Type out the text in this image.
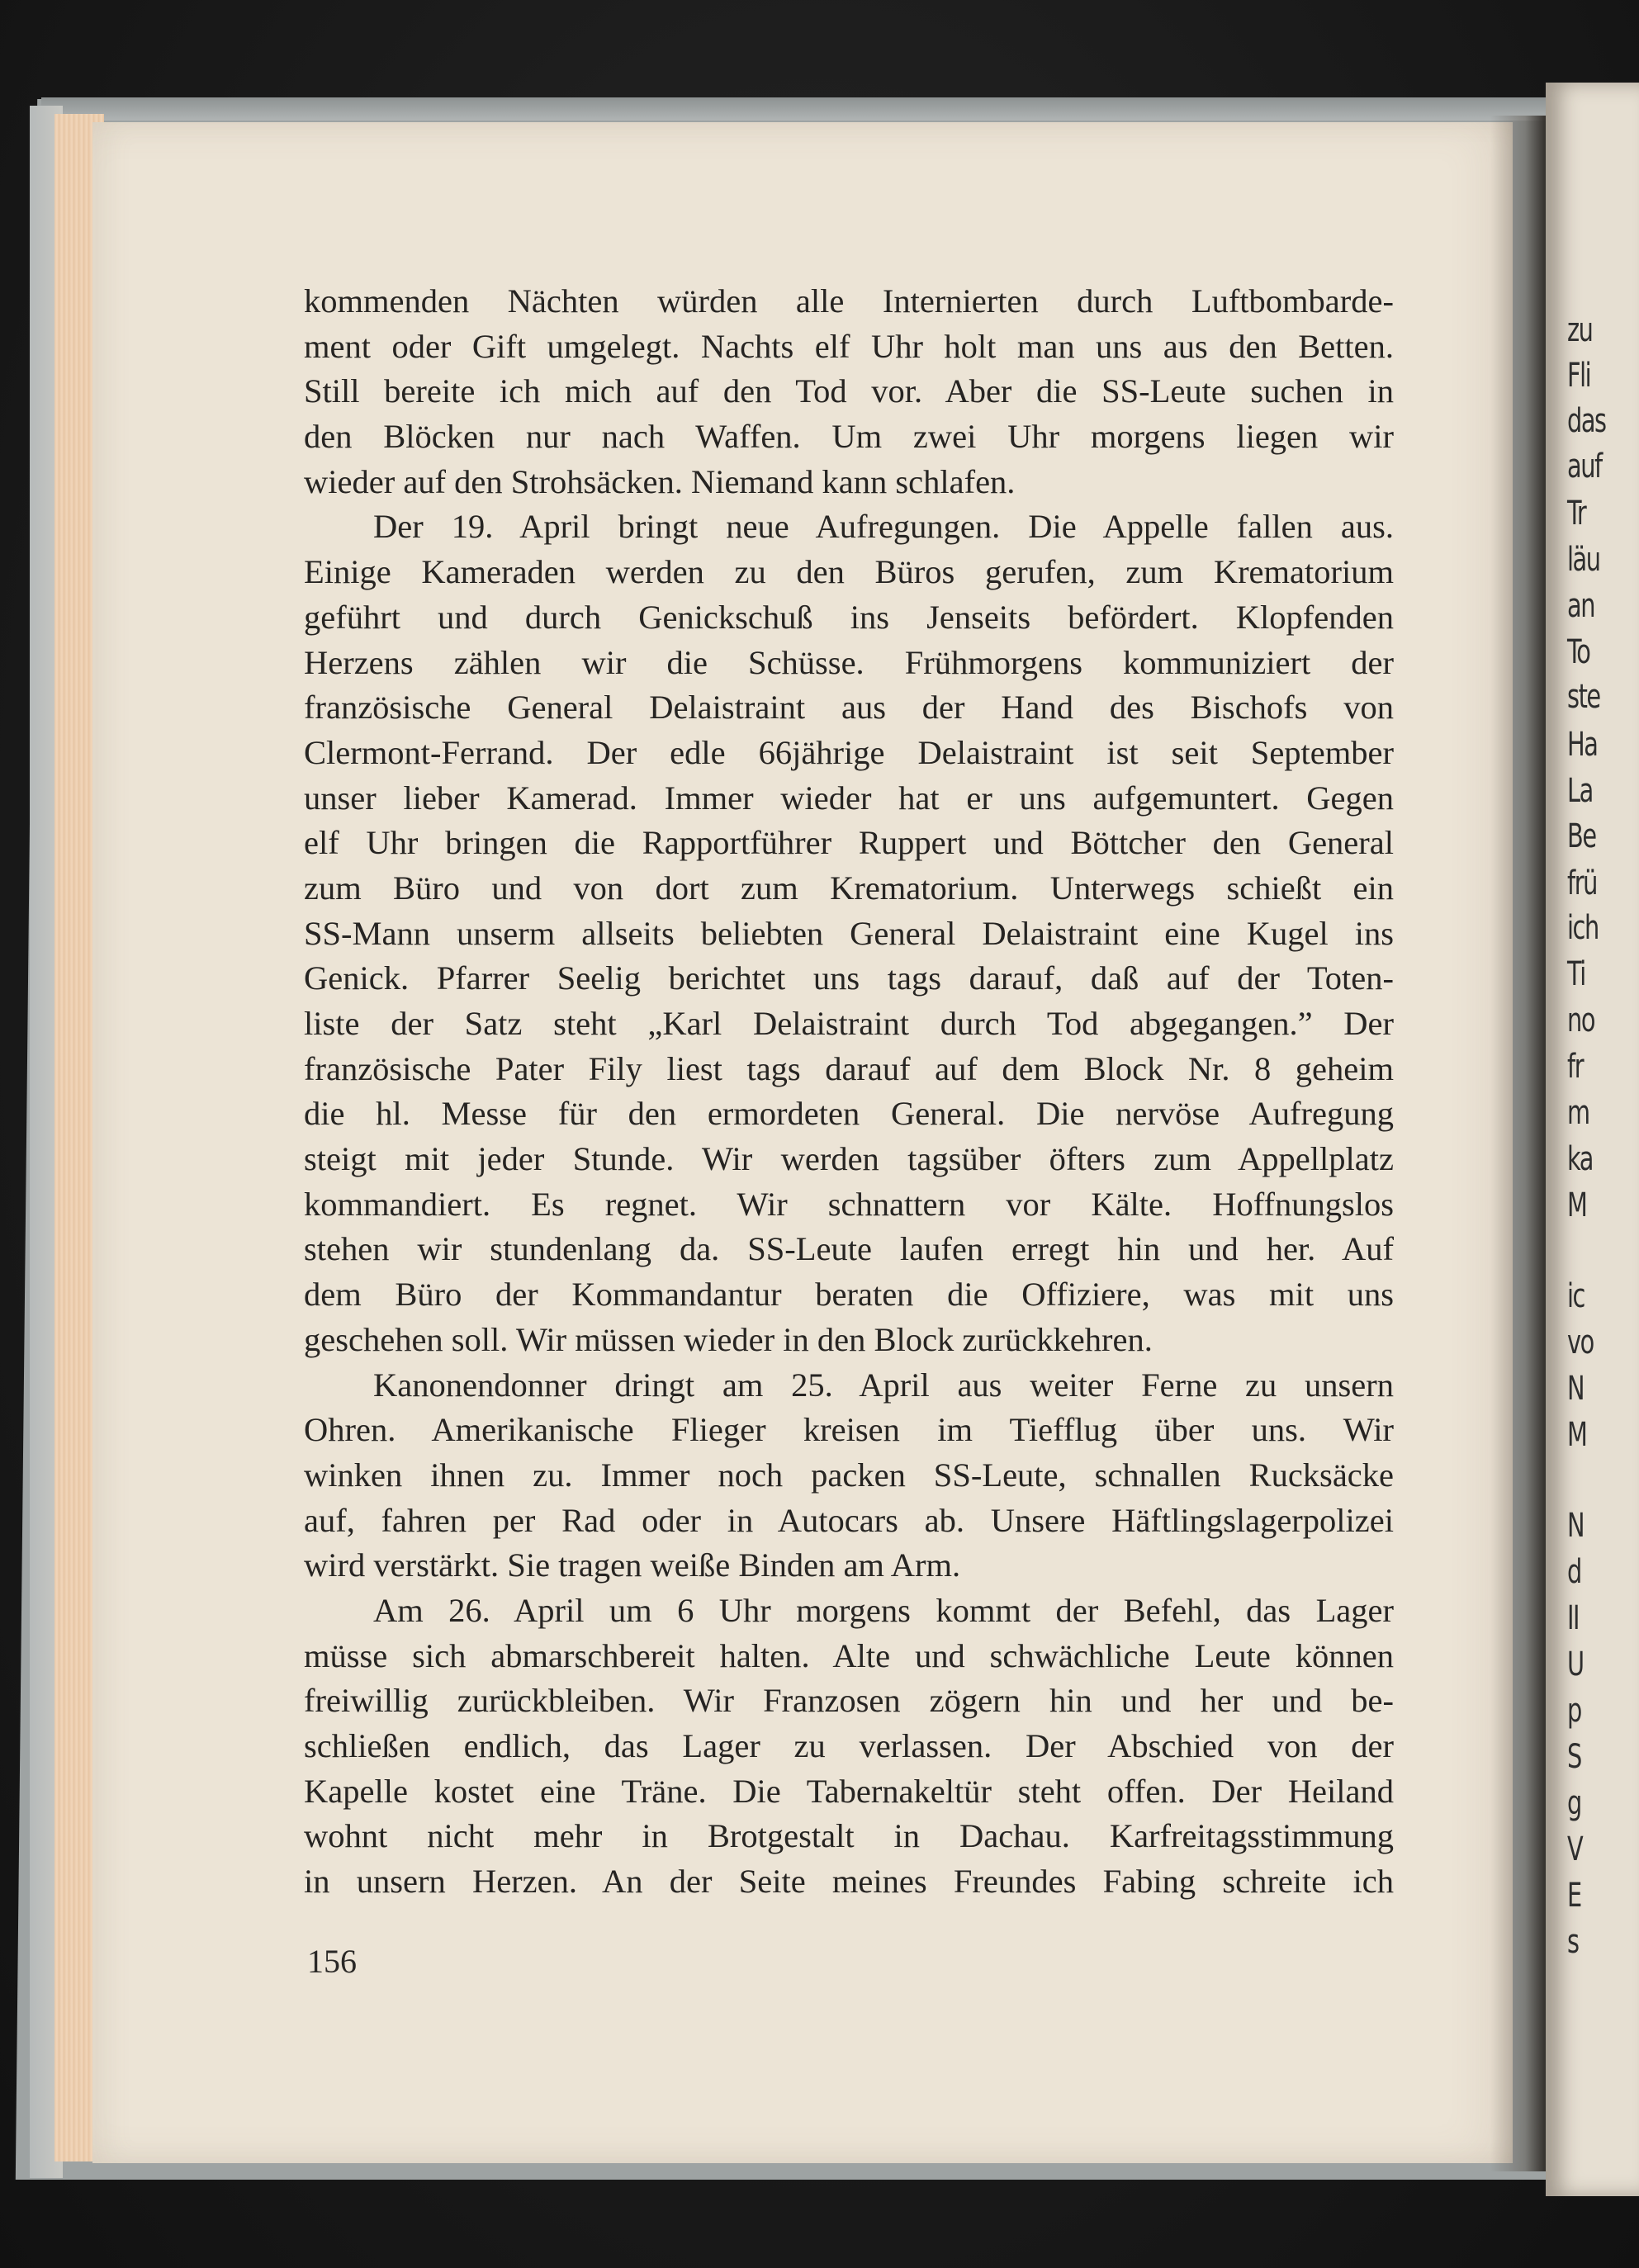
kommenden Nächten würden alle Internierten durch Luftbombarde-
ment oder Gift umgelegt. Nachts elf Uhr holt man uns aus den Betten.
Still bereite ich mich auf den Tod vor. Aber die SS-Leute suchen in
den Blöcken nur nach Waffen. Um zwei Uhr morgens liegen wir
wieder auf den Strohsäcken. Niemand kann schlafen.
Der 19. April bringt neue Aufregungen. Die Appelle fallen aus.
Einige Kameraden werden zu den Büros gerufen, zum Krematorium
geführt und durch Genickschuß ins Jenseits befördert. Klopfenden
Herzens zählen wir die Schüsse. Frühmorgens kommuniziert der
französische General Delaistraint aus der Hand des Bischofs von
Clermont-Ferrand. Der edle 66jährige Delaistraint ist seit September
unser lieber Kamerad. Immer wieder hat er uns aufgemuntert. Gegen
elf Uhr bringen die Rapportführer Ruppert und Böttcher den General
zum Büro und von dort zum Krematorium. Unterwegs schießt ein
SS-Mann unserm allseits beliebten General Delaistraint eine Kugel ins
Genick. Pfarrer Seelig berichtet uns tags darauf, daß auf der Toten-
liste der Satz steht „Karl Delaistraint durch Tod abgegangen.” Der
französische Pater Fily liest tags darauf auf dem Block Nr. 8 geheim
die hl. Messe für den ermordeten General. Die nervöse Aufregung
steigt mit jeder Stunde. Wir werden tagsüber öfters zum Appellplatz
kommandiert. Es regnet. Wir schnattern vor Kälte. Hoffnungslos
stehen wir stundenlang da. SS-Leute laufen erregt hin und her. Auf
dem Büro der Kommandantur beraten die Offiziere, was mit uns
geschehen soll. Wir müssen wieder in den Block zurückkehren.
Kanonendonner dringt am 25. April aus weiter Ferne zu unsern
Ohren. Amerikanische Flieger kreisen im Tiefflug über uns. Wir
winken ihnen zu. Immer noch packen SS-Leute, schnallen Rucksäcke
auf, fahren per Rad oder in Autocars ab. Unsere Häftlingslagerpolizei
wird verstärkt. Sie tragen weiße Binden am Arm.
Am 26. April um 6 Uhr morgens kommt der Befehl, das Lager
müsse sich abmarschbereit halten. Alte und schwächliche Leute können
freiwillig zurückbleiben. Wir Franzosen zögern hin und her und be-
schließen endlich, das Lager zu verlassen. Der Abschied von der
Kapelle kostet eine Träne. Die Tabernakeltür steht offen. Der Heiland
wohnt nicht mehr in Brotgestalt in Dachau. Karfreitagsstimmung
in unsern Herzen. An der Seite meines Freundes Fabing schreite ich
156
zu
Fli
das
auf
Tr
läu
an
To
ste
Ha
La
Be
frü
ich
Ti
no
fr
m
ka
M
ic
vo
N
M
N
d
II
U
p
S
g
V
E
s
